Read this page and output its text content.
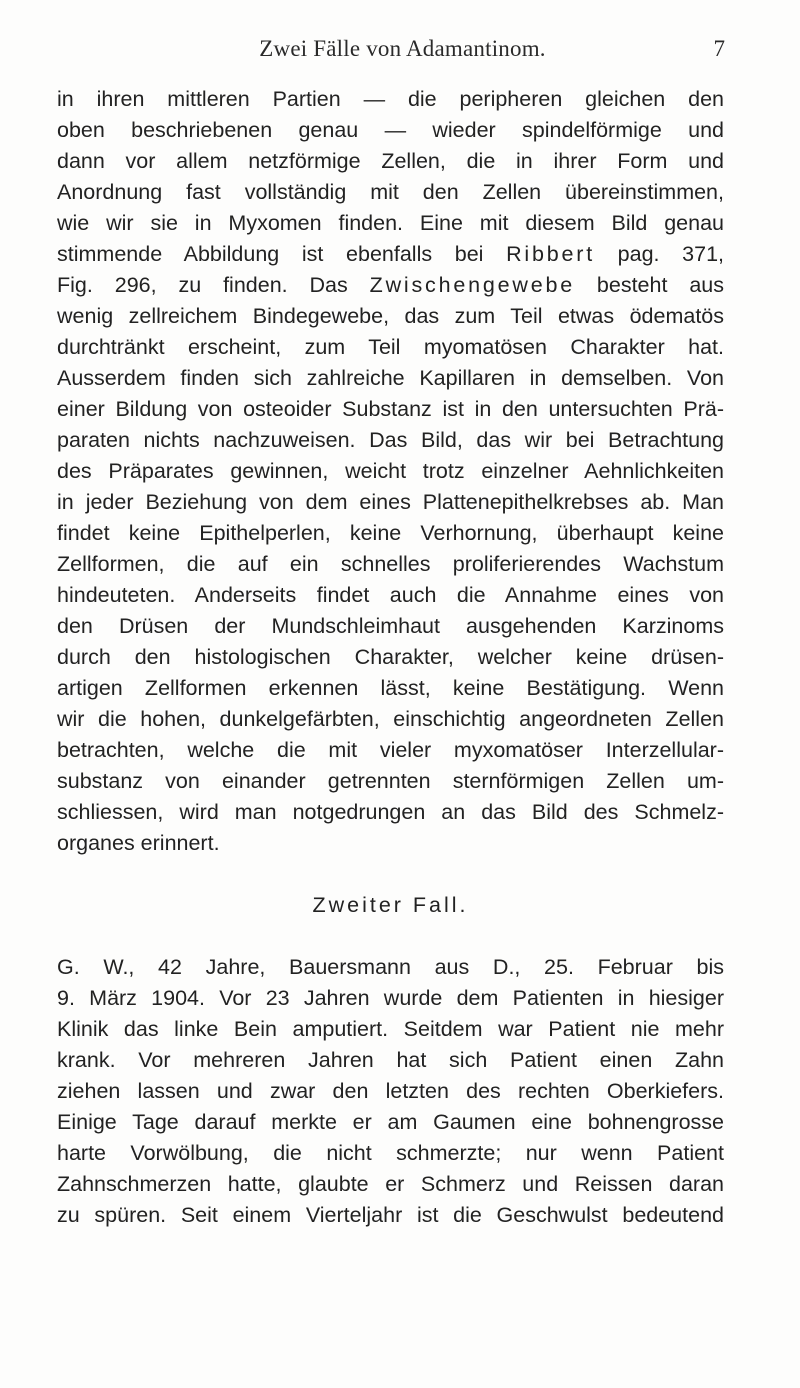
Zwei Fälle von Adamantinom.	7
in ihren mittleren Partien — die peripheren gleichen den
oben beschriebenen genau — wieder spindelförmige und
dann vor allem netzförmige Zellen, die in ihrer Form und
Anordnung fast vollständig mit den Zellen übereinstimmen,
wie wir sie in Myxomen finden. Eine mit diesem Bild genau
stimmende Abbildung ist ebenfalls bei Ribbert pag. 371,
Fig. 296, zu finden. Das Zwischengewebe besteht aus
wenig zellreichem Bindegewebe, das zum Teil etwas ödematös
durchtränkt erscheint, zum Teil myomatösen Charakter hat.
Ausserdem finden sich zahlreiche Kapillaren in demselben. Von
einer Bildung von osteoider Substanz ist in den untersuchten Prä-
paraten nichts nachzuweisen. Das Bild, das wir bei Betrachtung
des Präparates gewinnen, weicht trotz einzelner Aehnlichkeiten
in jeder Beziehung von dem eines Plattenepithelkrebses ab. Man
findet keine Epithelperlen, keine Verhornung, überhaupt keine
Zellformen, die auf ein schnelles proliferierendes Wachstum
hindeuteten. Anderseits findet auch die Annahme eines von
den Drüsen der Mundschleimhaut ausgehenden Karzinoms
durch den histologischen Charakter, welcher keine drüsen-
artigen Zellformen erkennen lässt, keine Bestätigung. Wenn
wir die hohen, dunkelgefärbten, einschichtig angeordneten Zellen
betrachten, welche die mit vieler myxomatöser Interzellular-
substanz von einander getrennten sternförmigen Zellen um-
schliessen, wird man notgedrungen an das Bild des Schmelz-
organes erinnert.
Zweiter Fall.
G. W., 42 Jahre, Bauersmann aus D., 25. Februar bis
9. März 1904. Vor 23 Jahren wurde dem Patienten in hiesiger
Klinik das linke Bein amputiert. Seitdem war Patient nie mehr
krank. Vor mehreren Jahren hat sich Patient einen Zahn
ziehen lassen und zwar den letzten des rechten Oberkiefers.
Einige Tage darauf merkte er am Gaumen eine bohnengrosse
harte Vorwölbung, die nicht schmerzte; nur wenn Patient
Zahnschmerzen hatte, glaubte er Schmerz und Reissen daran
zu spüren. Seit einem Vierteljahr ist die Geschwulst bedeutend
